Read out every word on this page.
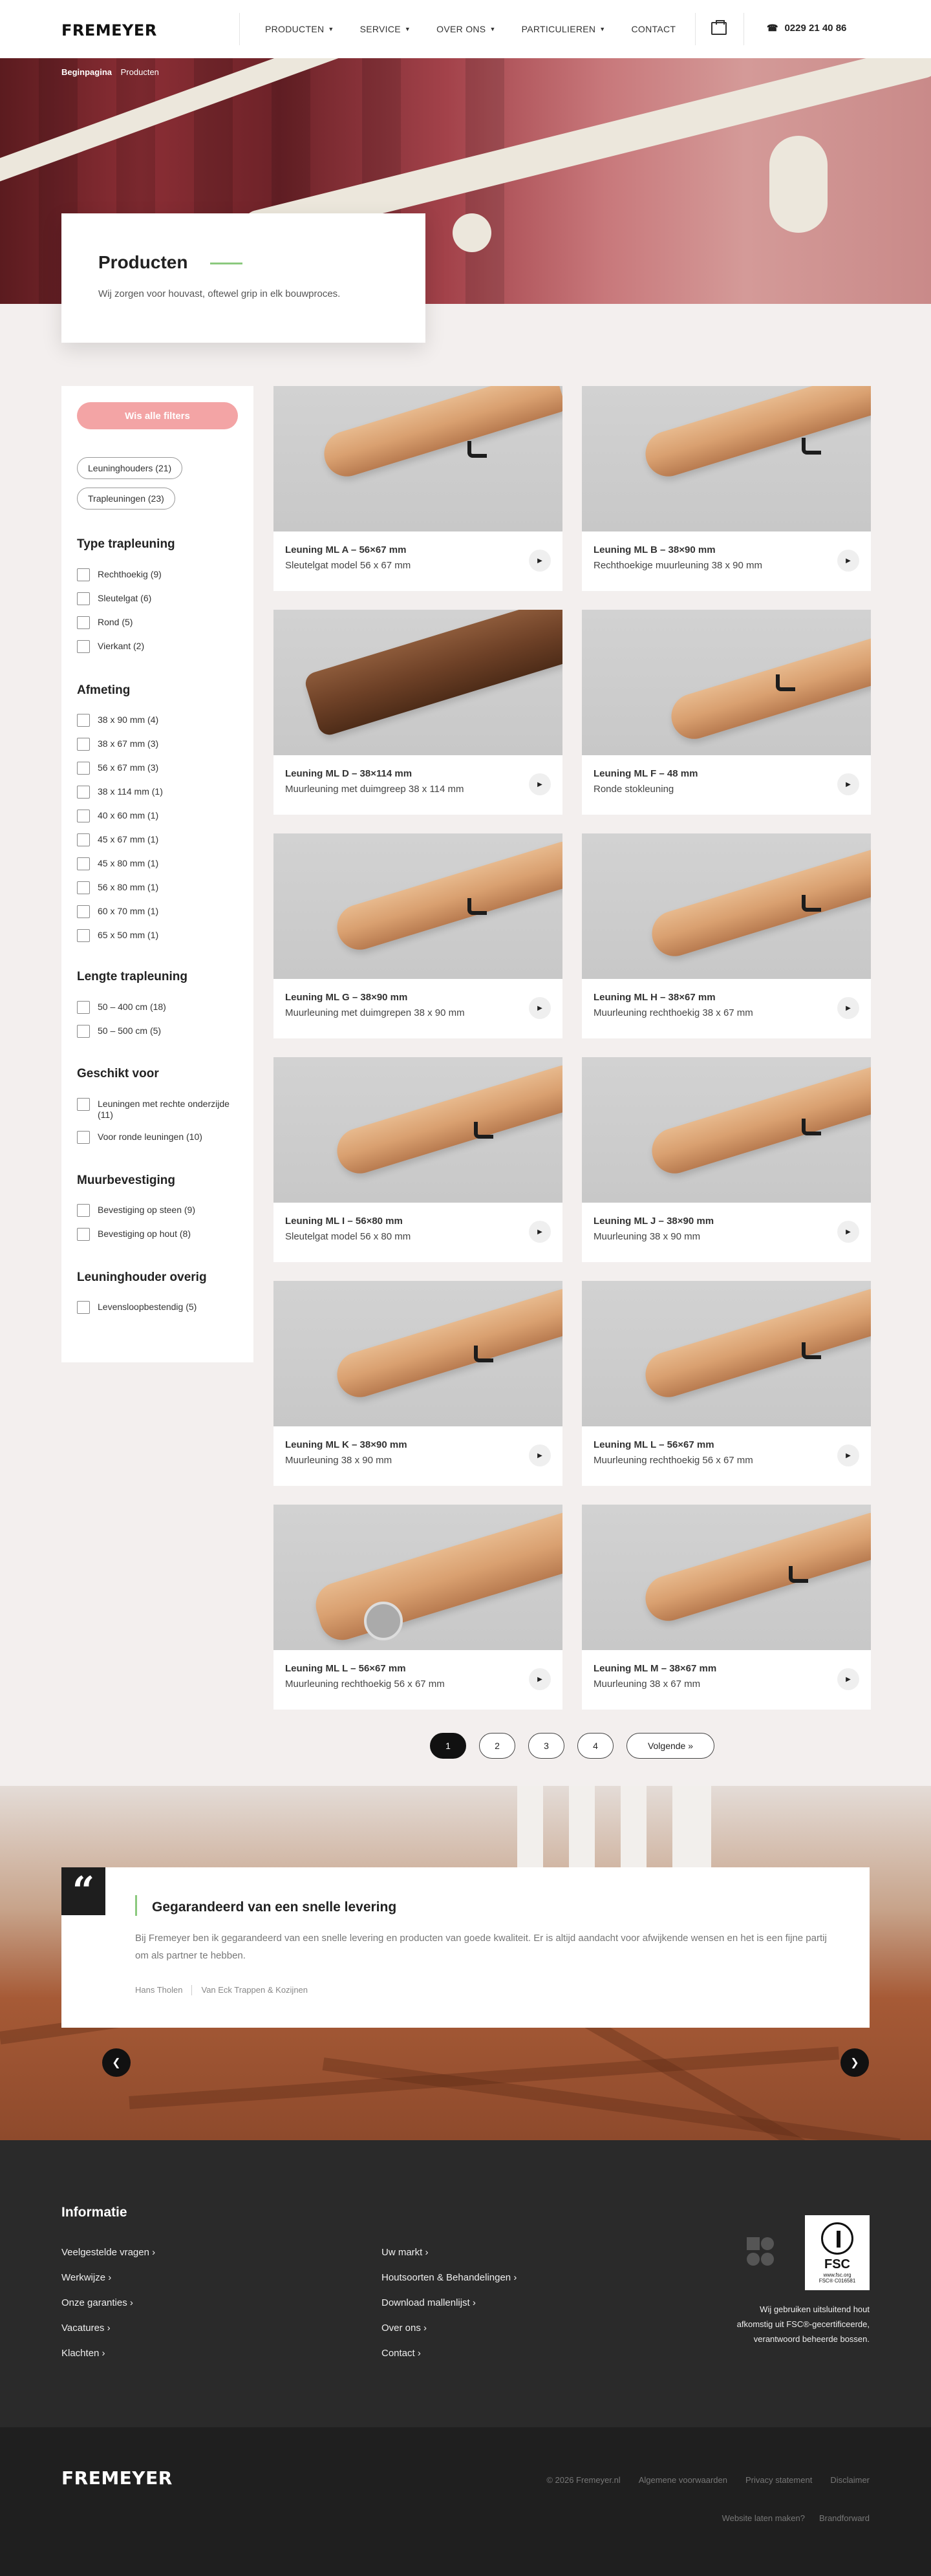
FREMEYER	PRODUCTEN ▼	SERVICE ▼	OVER ONS ▼	PARTICULIEREN ▼	CONTACT	☎ 0229 21 40 86
Beginpagina Producten
Producten

Wij zorgen voor houvast, oftewel grip in elk bouwproces.

Wis alle filters
Leuninghouders (21)
Trapleuningen (23)
Type trapleuning
Rechthoekig (9)
Sleutelgat (6)
Rond (5)
Vierkant (2)
Afmeting
38 x 90 mm (4)
38 x 67 mm (3)
56 x 67 mm (3)
38 x 114 mm (1)
40 x 60 mm (1)
45 x 67 mm (1)
45 x 80 mm (1)
56 x 80 mm (1)
60 x 70 mm (1)
65 x 50 mm (1)
Lengte trapleuning
50 – 400 cm (18)
50 – 500 cm (5)
Geschikt voor
Leuningen met rechte onderzijde (11)
Voor ronde leuningen (10)
Muurbevestiging
Bevestiging op steen (9)
Bevestiging op hout (8)
Leuninghouder overig
Levensloopbestendig (5)
Leuning ML A – 56×67 mm
Sleutelgat model 56 x 67 mm	▶
Leuning ML B – 38×90 mm
Rechthoekige muurleuning 38 x 90 mm	▶
Leuning ML D – 38×114 mm
Muurleuning met duimgreep 38 x 114 mm	▶
Leuning ML F – 48 mm
Ronde stokleuning	▶
Leuning ML G – 38×90 mm
Muurleuning met duimgrepen 38 x 90 mm	▶
Leuning ML H – 38×67 mm
Muurleuning rechthoekig 38 x 67 mm	▶
Leuning ML I – 56×80 mm
Sleutelgat model 56 x 80 mm	▶
Leuning ML J – 38×90 mm
Muurleuning 38 x 90 mm	▶
Leuning ML K – 38×90 mm
Muurleuning 38 x 90 mm	▶
Leuning ML L – 56×67 mm
Muurleuning rechthoekig 56 x 67 mm	▶
Leuning ML L – 56×67 mm
Muurleuning rechthoekig 56 x 67 mm	▶
Leuning ML M – 38×67 mm
Muurleuning 38 x 67 mm	▶
1	2	3	4	Volgende »
“	Gegarandeerd van een snelle levering
Bij Fremeyer ben ik gegarandeerd van een snelle levering en producten van goede kwaliteit. Er is altijd aandacht voor afwijkende wensen en het is een fijne partij om als partner te hebben.
Hans Tholen Van Eck Trappen & Kozijnen
❮	❯
Informatie
Veelgestelde vragen ›
Werkwijze ›
Onze garanties ›
Vacatures ›
Klachten ›
Uw markt ›
Houtsoorten & Behandelingen ›
Download mallenlijst ›
Over ons ›
Contact ›
FSC
www.fsc.org
FSC® C016581
Wij gebruiken uitsluitend hout afkomstig uit FSC®-gecertificeerde, verantwoord beheerde bossen.
FREMEYER	© 2026 Fremeyer.nl Algemene voorwaarden Privacy statement Disclaimer
Website laten maken? Brandforward
